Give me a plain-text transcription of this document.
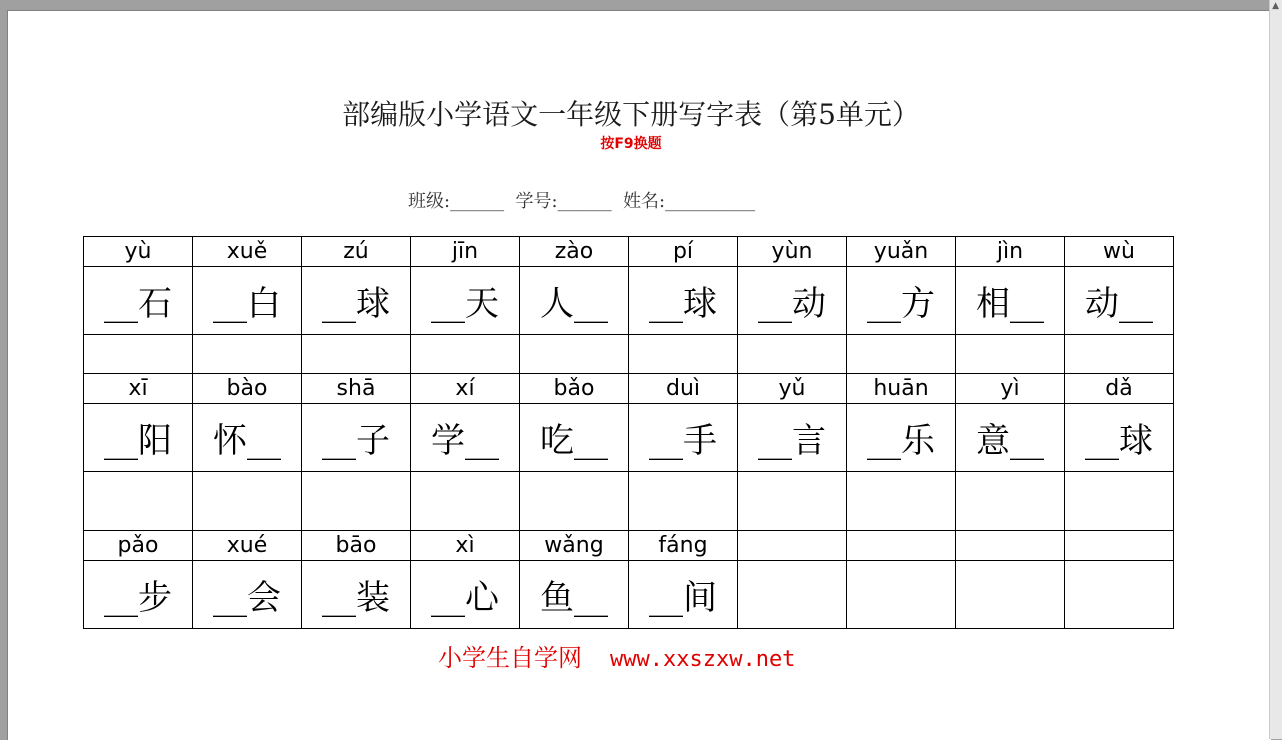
部编版小学语文一年级下册写字表（第5单元）
按F9换题
班级:______  学号:______  姓名:__________
yù	xuě	zú	jīn	zào	pí	yùn	yuǎn	jìn	wù
__石	__白	__球	__天	人__	__球	__动	__方	相__	动__

xī	bào	shā	xí	bǎo	duì	yǔ	huān	yì	dǎ
__阳	怀__	__子	学__	吃__	__手	__言	__乐	意__	__球

pǎo	xué	bāo	xì	wǎng	fáng				
__步	__会	__装	__心	鱼__	__间				
小学生自学网 www.xxszxw.net
▲
